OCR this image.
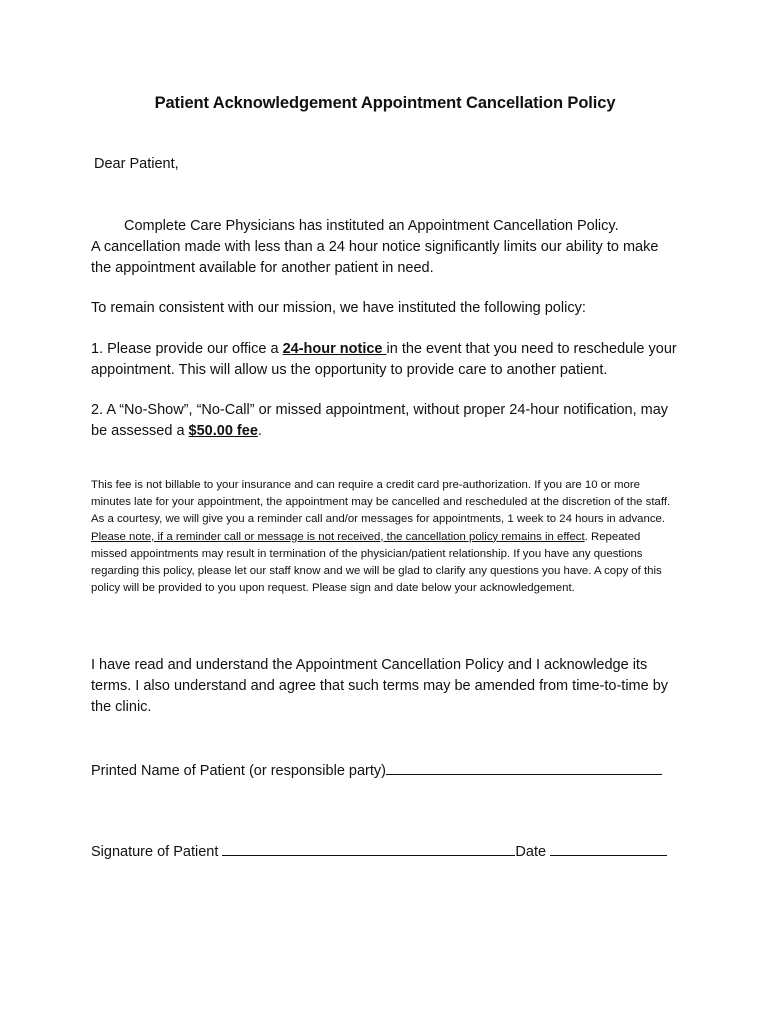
Patient Acknowledgement Appointment Cancellation Policy
Dear Patient,
Complete Care Physicians has instituted an Appointment Cancellation Policy.
A cancellation made with less than a 24 hour notice significantly limits our ability to make the appointment available for another patient in need.
To remain consistent with our mission, we have instituted the following policy:
1. Please provide our office a 24-hour notice in the event that you need to reschedule your appointment. This will allow us the opportunity to provide care to another patient.
2. A “No-Show”, “No-Call” or missed appointment, without proper 24-hour notification, may be assessed a $50.00 fee.
This fee is not billable to your insurance and can require a credit card pre-authorization. If you are 10 or more minutes late for your appointment, the appointment may be cancelled and rescheduled at the discretion of the staff. As a courtesy, we will give you a reminder call and/or messages for appointments, 1 week to 24 hours in advance. Please note, if a reminder call or message is not received, the cancellation policy remains in effect. Repeated missed appointments may result in termination of the physician/patient relationship. If you have any questions regarding this policy, please let our staff know and we will be glad to clarify any questions you have. A copy of this policy will be provided to you upon request. Please sign and date below your acknowledgement.
I have read and understand the Appointment Cancellation Policy and I acknowledge its terms. I also understand and agree that such terms may be amended from time-to-time by the clinic.
Printed Name of Patient (or responsible party)
Signature of Patient	Date
